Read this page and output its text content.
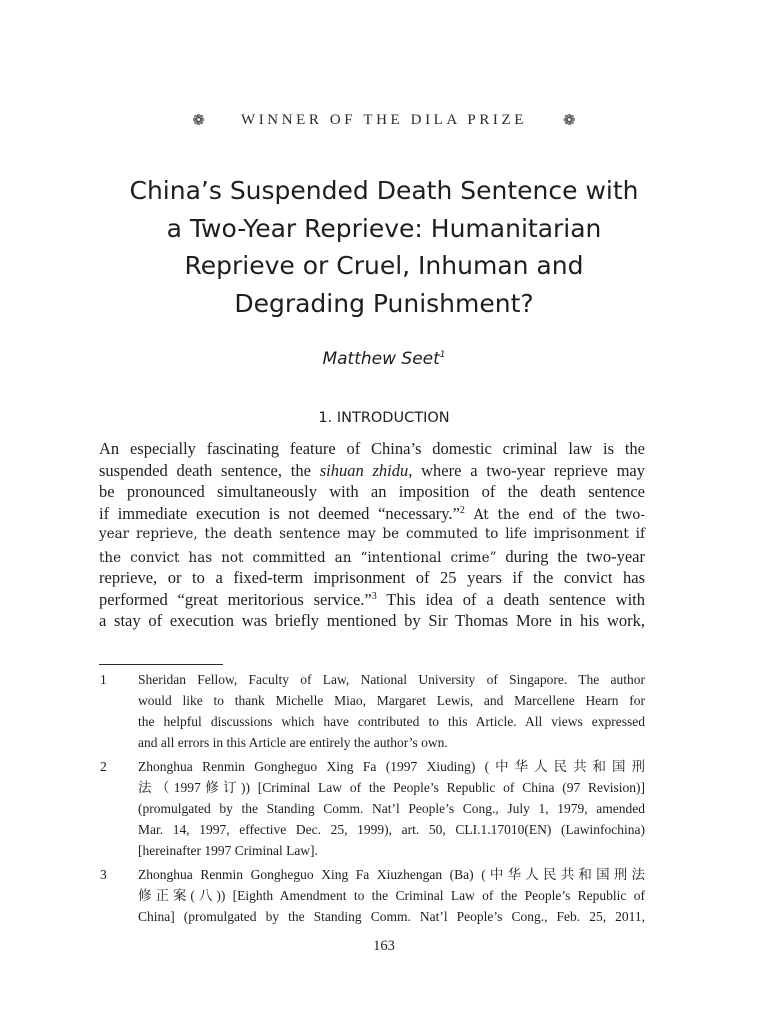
❁ WINNER OF THE DILA PRIZE ❁
China’s Suspended Death Sentence with
a Two-Year Reprieve: Humanitarian
Reprieve or Cruel, Inhuman and
Degrading Punishment?
Matthew Seet$^1$
1. INTRODUCTION
An especially fascinating feature of China’s domestic criminal law is the
suspended death sentence, the sihuan zhidu, where a two-year reprieve may
be pronounced simultaneously with an imposition of the death sentence
if immediate execution is not deemed “necessary.”$^2$ At the end of the two-
year reprieve, the death sentence may be commuted to life imprisonment if
the convict has not committed an “intentional crime” during the two-year
reprieve, or to a fixed-term imprisonment of 25 years if the convict has
performed “great meritorious service.”$^3$ This idea of a death sentence with
a stay of execution was briefly mentioned by Sir Thomas More in his work,
1 Sheridan Fellow, Faculty of Law, National University of Singapore. The author
would like to thank Michelle Miao, Margaret Lewis, and Marcellene Hearn for
the helpful discussions which have contributed to this Article. All views expressed
and all errors in this Article are entirely the author’s own.
2 Zhonghua Renmin Gongheguo Xing Fa (1997 Xiuding) (中华人民共和国刑
法（1997修订)) [Criminal Law of the People’s Republic of China (97 Revision)]
(promulgated by the Standing Comm. Nat’l People’s Cong., July 1, 1979, amended
Mar. 14, 1997, effective Dec. 25, 1999), art. 50, CLI.1.17010(EN) (Lawinfochina)
[hereinafter 1997 Criminal Law].
3 Zhonghua Renmin Gongheguo Xing Fa Xiuzhengan (Ba) (中华人民共和国刑法
修正案(八)) [Eighth Amendment to the Criminal Law of the People’s Republic of
China] (promulgated by the Standing Comm. Nat’l People’s Cong., Feb. 25, 2011,
163
